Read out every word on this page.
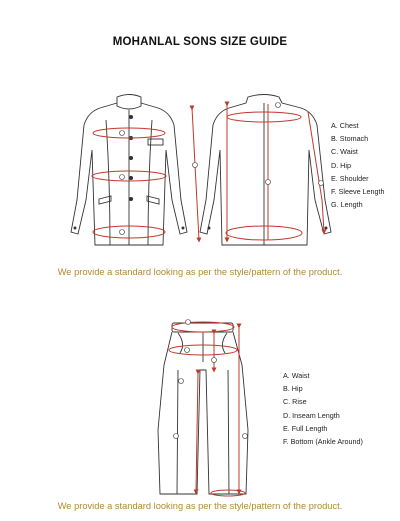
MOHANLAL SONS SIZE GUIDE
A. Chest
B. Stomach
C. Waist
D. Hip
E. Shoulder
F. Sleeve Length
G. Length
We provide a standard looking as per the style/pattern of the product.
A. Waist
B. Hip
C. Rise
D. Inseam Length
E. Full Length
F. Bottom (Ankle Around)
We provide a standard looking as per the style/pattern of the product.
